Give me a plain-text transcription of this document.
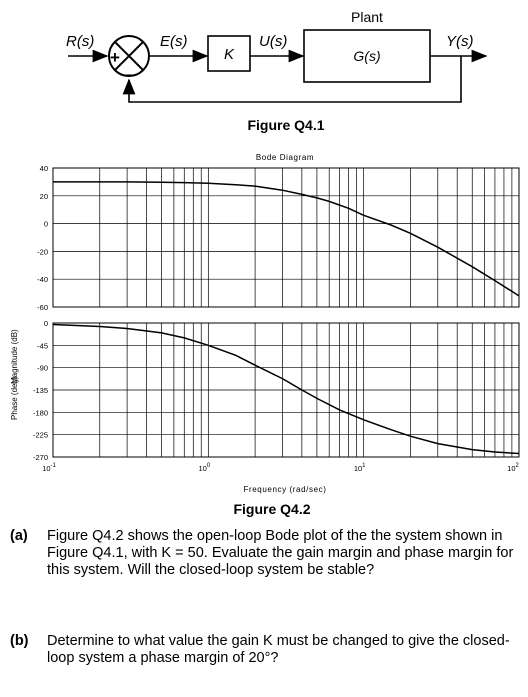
R(s)
+
−
E(s)
K
U(s)
Plant
G(s)
Y(s)
Figure Q4.1
Bode Diagram
40
20
0
-20
-40
-60
0
-45
-90
-135
-180
-225
-270
$10^{-1}$	$10^0$	$10^1$	$10^2$
Magnitude (dB)
Phase (deg)
Frequency (rad/sec)
Figure Q4.2
(a) Figure Q4.2 shows the open-loop Bode plot of the the system shown in Figure Q4.1, with K = 50. Evaluate the gain margin and phase margin for this system. Will the closed-loop system be stable?
(b) Determine to what value the gain K must be changed to give the closed-loop system a phase margin of 20°?
